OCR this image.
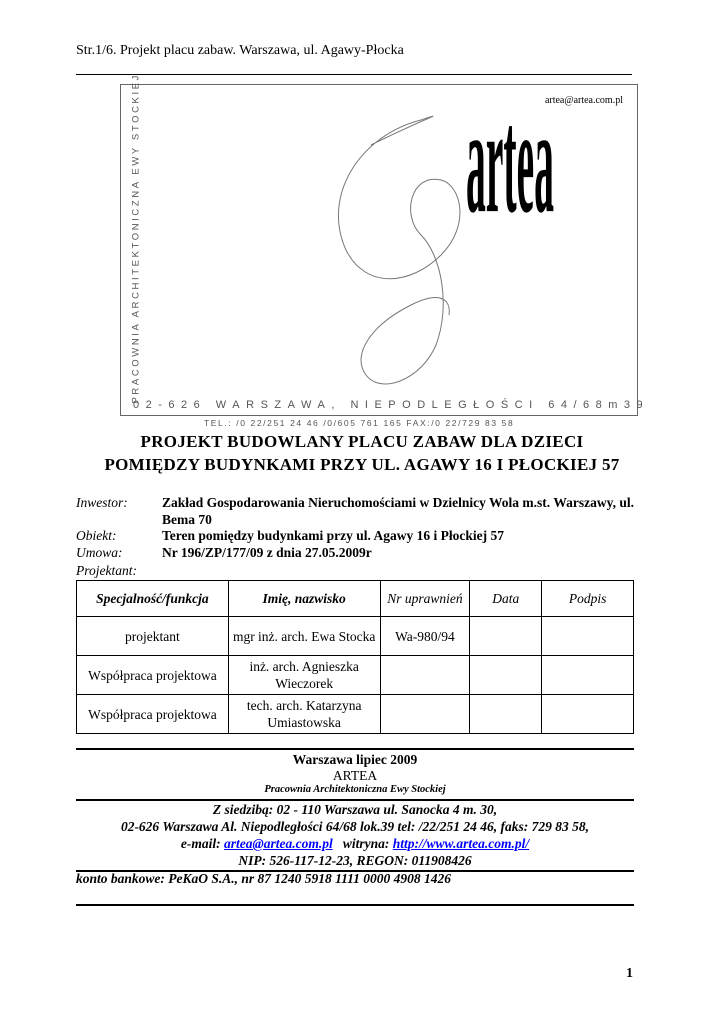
Str.1/6. Projekt placu zabaw. Warszawa, ul. Agawy-Płocka
artea@artea.com.pl
PRACOWNIA ARCHITEKTONICZNA EWY STOCKIEJ	artea
02-626 WARSZAWA, NIEPODLEGŁOŚCI 64/68m39
TEL.: /0 22/251 24 46 /0/605 761 165 FAX:/0 22/729 83 58
PROJEKT BUDOWLANY PLACU ZABAW DLA DZIECI
POMIĘDZY BUDYNKAMI PRZY UL. AGAWY 16 I PŁOCKIEJ 57
Inwestor:	Zakład Gospodarowania Nieruchomościami w Dzielnicy Wola m.st. Warszawy, ul. Bema 70
Obiekt:	Teren pomiędzy budynkami przy ul. Agawy 16 i Płockiej 57
Umowa:	Nr 196/ZP/177/09 z dnia 27.05.2009r
Projektant:
Specjalność/funkcja	Imię, nazwisko	Nr uprawnień	Data	Podpis
projektant	mgr inż. arch. Ewa Stocka	Wa-980/94		
Współpraca projektowa	inż. arch. Agnieszka Wieczorek			
Współpraca projektowa	tech. arch. Katarzyna Umiastowska			
Warszawa lipiec 2009
ARTEA
Pracownia Architektoniczna Ewy Stockiej
Z siedzibą: 02 - 110 Warszawa ul. Sanocka 4 m. 30,
02-626 Warszawa Al. Niepodległości 64/68 lok.39 tel: /22/251 24 46, faks: 729 83 58,
e-mail: artea@artea.com.pl witryna: http://www.artea.com.pl/
NIP: 526-117-12-23, REGON: 011908426
konto bankowe: PeKaO S.A., nr 87 1240 5918 1111 0000 4908 1426
1
